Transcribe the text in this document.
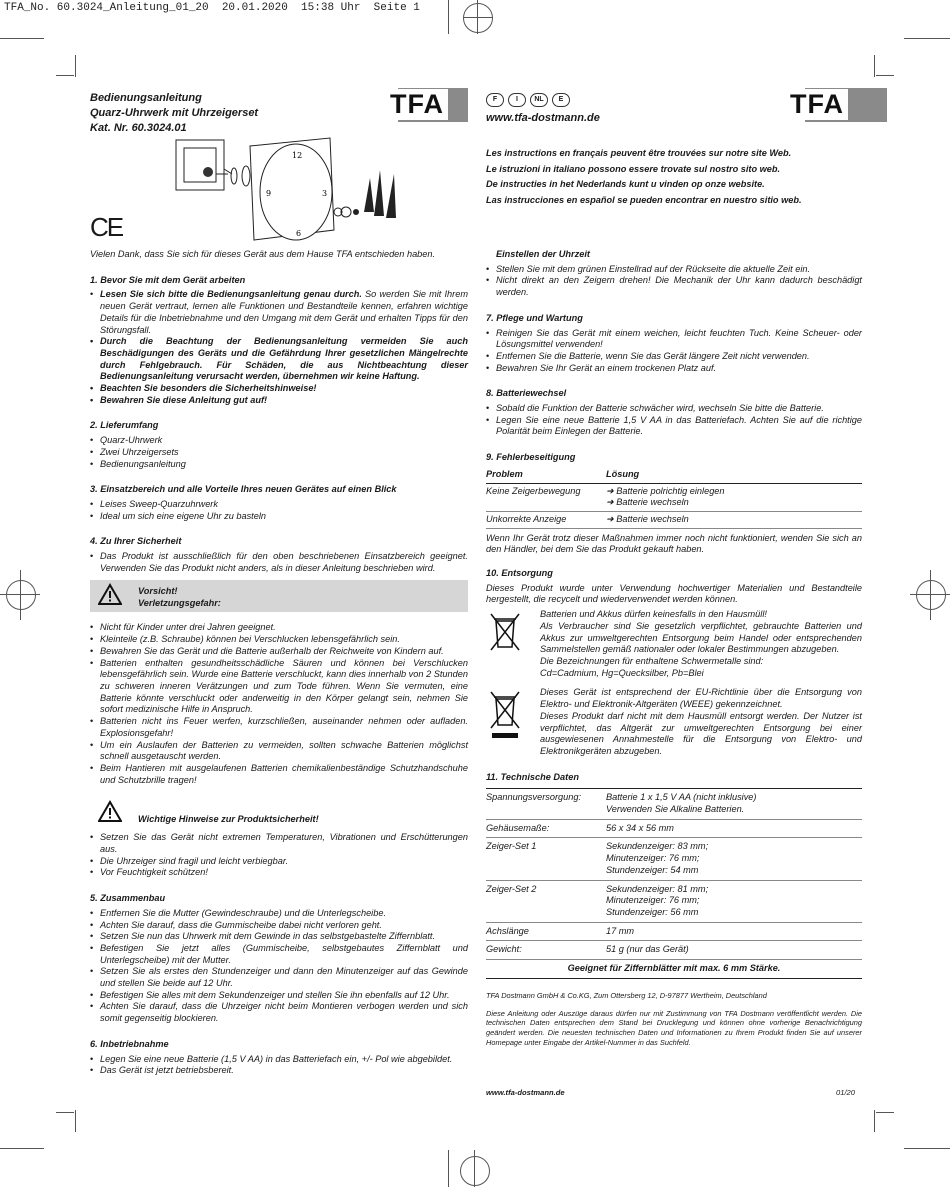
TFA_No. 60.3024_Anleitung_01_20  20.01.2020  15:38 Uhr  Seite 1
Bedienungsanleitung
Quarz-Uhrwerk mit Uhrzeigerset
Kat. Nr. 60.3024.01
TFA
12
3
6
9
CE
F	I	NL	E
www.tfa-dostmann.de	TFA
Les instructions en français peuvent être trouvées sur notre site Web.
Le istruzioni in italiano possono essere trovate sul nostro sito web.
De instructies in het Nederlands kunt u vinden op onze website.
Las instrucciones en español se pueden encontrar en nuestro sitio web.

Vielen Dank, dass Sie sich für dieses Gerät aus dem Hause TFA entschieden haben.

1. Bevor Sie mit dem Gerät arbeiten
• Lesen Sie sich bitte die Bedienungsanleitung genau durch. So werden Sie mit Ihrem neuen Gerät vertraut, lernen alle Funktionen und Bestandteile kennen, erfahren wichtige Details für die Inbetriebnahme und den Umgang mit dem Gerät und erhalten Tipps für den Störungsfall.
• Durch die Beachtung der Bedienungsanleitung vermeiden Sie auch Beschädigungen des Geräts und die Gefährdung Ihrer gesetzlichen Mängelrechte durch Fehlgebrauch. Für Schäden, die aus Nichtbeachtung dieser Bedienungsanleitung verursacht werden, übernehmen wir keine Haftung.
• Beachten Sie besonders die Sicherheitshinweise!
• Bewahren Sie diese Anleitung gut auf!
2. Lieferumfang
• Quarz-Uhrwerk
• Zwei Uhrzeigersets
• Bedienungsanleitung
3. Einsatzbereich und alle Vorteile Ihres neuen Gerätes auf einen Blick
• Leises Sweep-Quarzuhrwerk
• Ideal um sich eine eigene Uhr zu basteln
4. Zu Ihrer Sicherheit
• Das Produkt ist ausschließlich für den oben beschriebenen Einsatzbereich geeignet. Verwenden Sie das Produkt nicht anders, als in dieser Anleitung beschrieben wird.
Vorsicht!
Verletzungsgefahr:
• Nicht für Kinder unter drei Jahren geeignet.
• Kleinteile (z.B. Schraube) können bei Verschlucken lebensgefährlich sein.
• Bewahren Sie das Gerät und die Batterie außerhalb der Reichweite von Kindern auf.
• Batterien enthalten gesundheitsschädliche Säuren und können bei Verschlucken lebensgefährlich sein. Wurde eine Batterie verschluckt, kann dies innerhalb von 2 Stunden zu schweren inneren Verätzungen und zum Tode führen. Wenn Sie vermuten, eine Batterie könnte verschluckt oder anderweitig in den Körper gelangt sein, nehmen Sie sofort medizinische Hilfe in Anspruch.
• Batterien nicht ins Feuer werfen, kurzschließen, auseinander nehmen oder aufladen. Explosionsgefahr!
• Um ein Auslaufen der Batterien zu vermeiden, sollten schwache Batterien möglichst schnell ausgetauscht werden.
• Beim Hantieren mit ausgelaufenen Batterien chemikalienbeständige Schutzhandschuhe und Schutzbrille tragen!
Wichtige Hinweise zur Produktsicherheit!
• Setzen Sie das Gerät nicht extremen Temperaturen, Vibrationen und Erschütterungen aus.
• Die Uhrzeiger sind fragil und leicht verbiegbar.
• Vor Feuchtigkeit schützen!
5. Zusammenbau
• Entfernen Sie die Mutter (Gewindeschraube) und die Unterlegscheibe.
• Achten Sie darauf, dass die Gummischeibe dabei nicht verloren geht.
• Setzen Sie nun das Uhrwerk mit dem Gewinde in das selbstgebastelte Ziffernblatt.
• Befestigen Sie jetzt alles (Gummischeibe, selbstgebautes Ziffernblatt und Unterlegscheibe) mit der Mutter.
• Setzen Sie als erstes den Stundenzeiger und dann den Minutenzeiger auf das Gewinde und stellen Sie beide auf 12 Uhr.
• Befestigen Sie alles mit dem Sekundenzeiger und stellen Sie ihn ebenfalls auf 12 Uhr.
• Achten Sie darauf, dass die Uhrzeiger nicht beim Montieren verbogen werden und sich somit gegenseitig blockieren.
6. Inbetriebnahme
• Legen Sie eine neue Batterie (1,5 V AA) in das Batteriefach ein, +/- Pol wie abgebildet.
• Das Gerät ist jetzt betriebsbereit.
Einstellen der Uhrzeit
• Stellen Sie mit dem grünen Einstellrad auf der Rückseite die aktuelle Zeit ein.
• Nicht direkt an den Zeigern drehen! Die Mechanik der Uhr kann dadurch beschädigt werden.
7. Pflege und Wartung
• Reinigen Sie das Gerät mit einem weichen, leicht feuchten Tuch. Keine Scheuer- oder Lösungsmittel verwenden!
• Entfernen Sie die Batterie, wenn Sie das Gerät längere Zeit nicht verwenden.
• Bewahren Sie Ihr Gerät an einem trockenen Platz auf.
8. Batteriewechsel
• Sobald die Funktion der Batterie schwächer wird, wechseln Sie bitte die Batterie.
• Legen Sie eine neue Batterie 1,5 V AA in das Batteriefach. Achten Sie auf die richtige Polarität beim Einlegen der Batterie.
9. Fehlerbeseitigung
Problem	Lösung
Keine Zeigerbewegung	➜ Batterie polrichtig einlegen
➜ Batterie wechseln

Unkorrekte Anzeige	➜ Batterie wechseln

Wenn Ihr Gerät trotz dieser Maßnahmen immer noch nicht funktioniert, wenden Sie sich an den Händler, bei dem Sie das Produkt gekauft haben.

10. Entsorgung

Dieses Produkt wurde unter Verwendung hochwertiger Materialien und Bestandteile hergestellt, die recycelt und wiederverwendet werden können.

Batterien und Akkus dürfen keinesfalls in den Hausmüll!

Als Verbraucher sind Sie gesetzlich verpflichtet, gebrauchte Batterien und Akkus zur umweltgerechten Entsorgung beim Handel oder entsprechenden Sammelstellen gemäß nationaler oder lokaler Bestimmungen abzugeben.

Die Bezeichnungen für enthaltene Schwermetalle sind:

Cd=Cadmium, Hg=Quecksilber, Pb=Blei

Dieses Gerät ist entsprechend der EU-Richtlinie über die Entsorgung von Elektro- und Elektronik-Altgeräten (WEEE) gekennzeichnet.

Dieses Produkt darf nicht mit dem Hausmüll entsorgt werden. Der Nutzer ist verpflichtet, das Altgerät zur umweltgerechten Entsorgung bei einer ausgewiesenen Annahmestelle für die Entsorgung von Elektro- und Elektronikgeräten abzugeben.

11. Technische Daten
Spannungsversorgung:	Batterie 1 x 1,5 V AA (nicht inklusive)
Verwenden Sie Alkaline Batterien.

Gehäusemaße:	56 x 34 x 56 mm
Zeiger-Set 1	Sekundenzeiger: 83 mm;
Minutenzeiger: 76 mm;
Stundenzeiger: 54 mm

Zeiger-Set 2	Sekundenzeiger: 81 mm;
Minutenzeiger: 76 mm;
Stundenzeiger: 56 mm

Achslänge	17 mm
Gewicht:	51 g (nur das Gerät)
Geeignet für Ziffernblätter mit max. 6 mm Stärke.	

TFA Dostmann GmbH & Co.KG, Zum Ottersberg 12, D-97877 Wertheim, Deutschland

Diese Anleitung oder Auszüge daraus dürfen nur mit Zustimmung von TFA Dostmann veröffentlicht werden. Die technischen Daten entsprechen dem Stand bei Drucklegung und können ohne vorherige Benachrichtigung geändert werden. Die neuesten technischen Daten und Informationen zu Ihrem Produkt finden Sie auf unserer Homepage unter Eingabe der Artikel-Nummer in das Suchfeld.

www.tfa-dostmann.de	01/20
